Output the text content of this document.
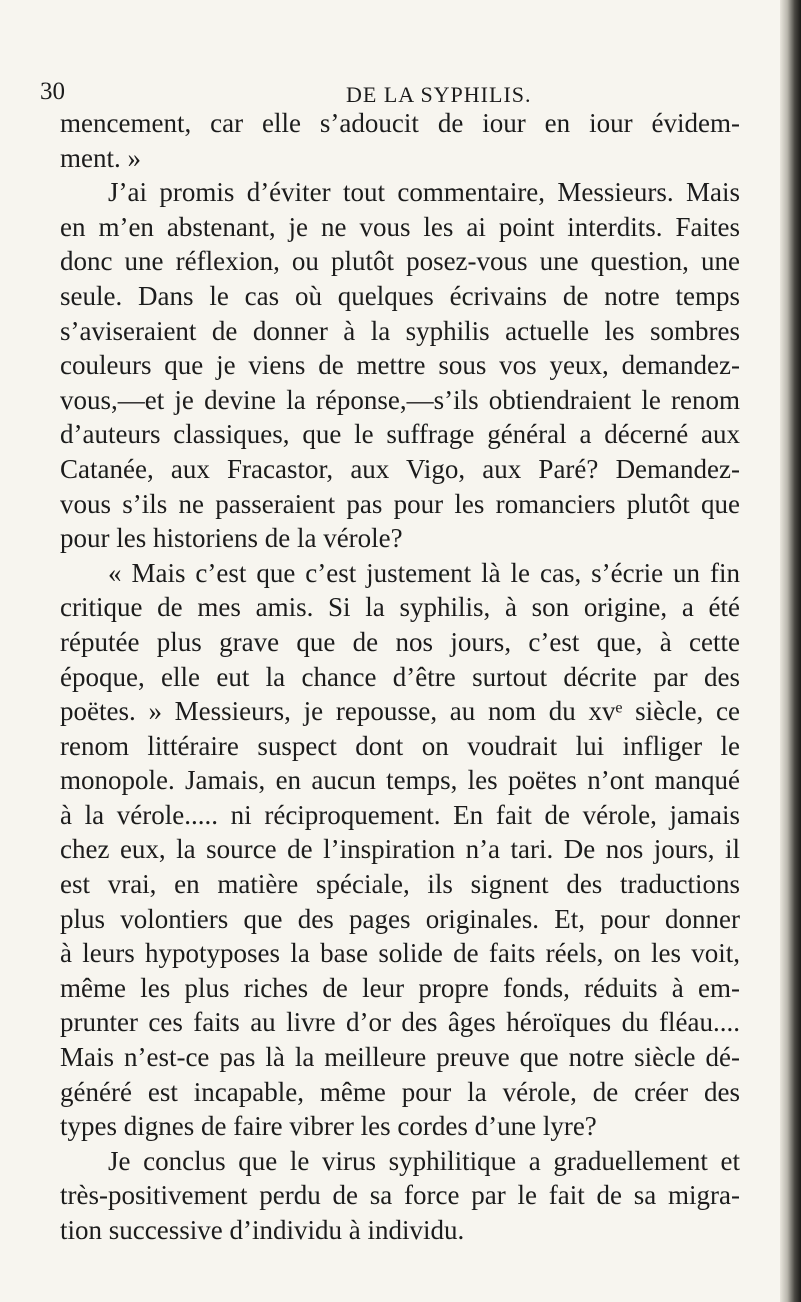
30	DE LA SYPHILIS.
mencement, car elle s’adoucit de iour en iour évidem-
ment. »
J’ai promis d’éviter tout commentaire, Messieurs. Mais
en m’en abstenant, je ne vous les ai point interdits. Faites
donc une réflexion, ou plutôt posez-vous une question, une
seule. Dans le cas où quelques écrivains de notre temps
s’aviseraient de donner à la syphilis actuelle les sombres
couleurs que je viens de mettre sous vos yeux, demandez-
vous,—et je devine la réponse,—s’ils obtiendraient le renom
d’auteurs classiques, que le suffrage général a décerné aux
Catanée, aux Fracastor, aux Vigo, aux Paré? Demandez-
vous s’ils ne passeraient pas pour les romanciers plutôt que
pour les historiens de la vérole?
« Mais c’est que c’est justement là le cas, s’écrie un fin
critique de mes amis. Si la syphilis, à son origine, a été
réputée plus grave que de nos jours, c’est que, à cette
époque, elle eut la chance d’être surtout décrite par des
poëtes. » Messieurs, je repousse, au nom du xvᵉ siècle, ce
renom littéraire suspect dont on voudrait lui infliger le
monopole. Jamais, en aucun temps, les poëtes n’ont manqué
à la vérole..... ni réciproquement. En fait de vérole, jamais
chez eux, la source de l’inspiration n’a tari. De nos jours, il
est vrai, en matière spéciale, ils signent des traductions
plus volontiers que des pages originales. Et, pour donner
à leurs hypotyposes la base solide de faits réels, on les voit,
même les plus riches de leur propre fonds, réduits à em-
prunter ces faits au livre d’or des âges héroïques du fléau....
Mais n’est-ce pas là la meilleure preuve que notre siècle dé-
généré est incapable, même pour la vérole, de créer des
types dignes de faire vibrer les cordes d’une lyre?
Je conclus que le virus syphilitique a graduellement et
très-positivement perdu de sa force par le fait de sa migra-
tion successive d’individu à individu.
